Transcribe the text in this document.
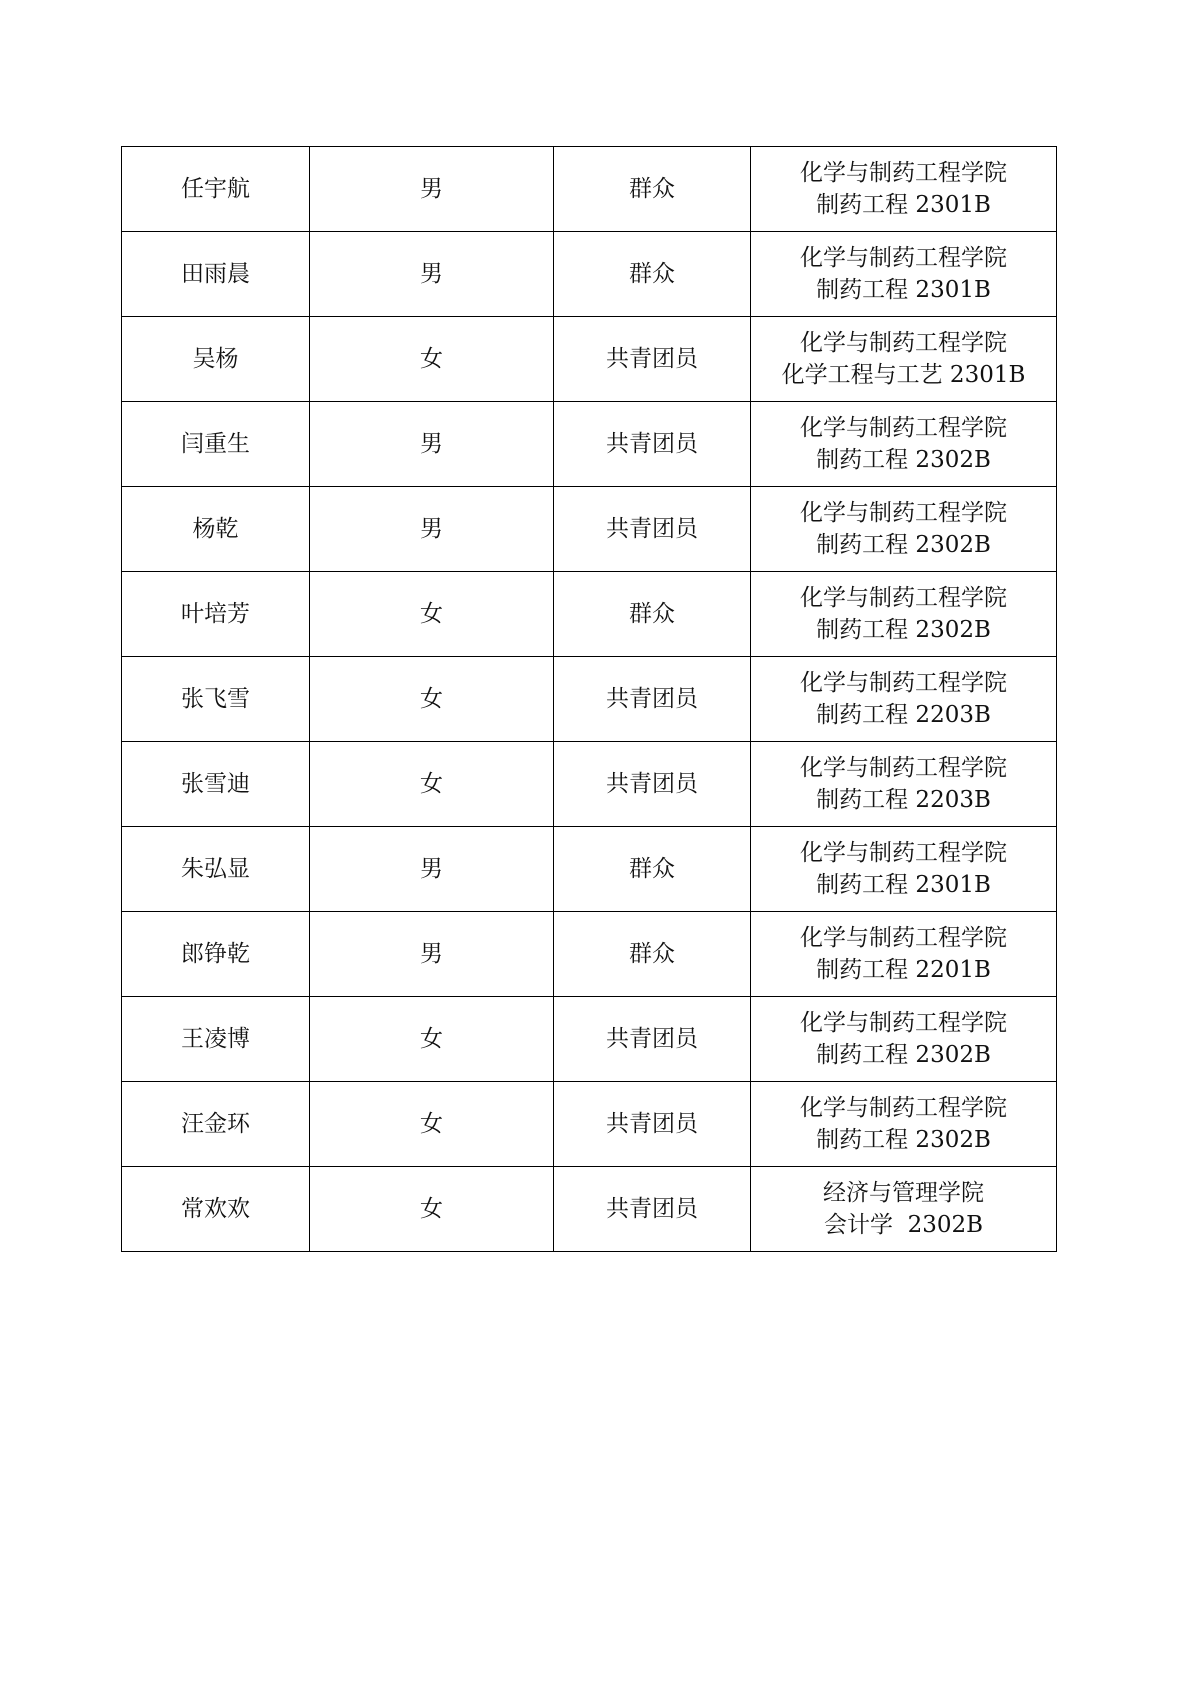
任宇航	男	群众	化学与制药工程学院
制药工程 2301B

田雨晨	男	群众	化学与制药工程学院
制药工程 2301B

吴杨	女	共青团员	化学与制药工程学院
化学工程与工艺 2301B

闫重生	男	共青团员	化学与制药工程学院
制药工程 2302B

杨乾	男	共青团员	化学与制药工程学院
制药工程 2302B

叶培芳	女	群众	化学与制药工程学院
制药工程 2302B

张飞雪	女	共青团员	化学与制药工程学院
制药工程 2203B

张雪迪	女	共青团员	化学与制药工程学院
制药工程 2203B

朱弘显	男	群众	化学与制药工程学院
制药工程 2301B

郎铮乾	男	群众	化学与制药工程学院
制药工程 2201B

王凌博	女	共青团员	化学与制药工程学院
制药工程 2302B

汪金环	女	共青团员	化学与制药工程学院
制药工程 2302B

常欢欢	女	共青团员	经济与管理学院
会计学  2302B
